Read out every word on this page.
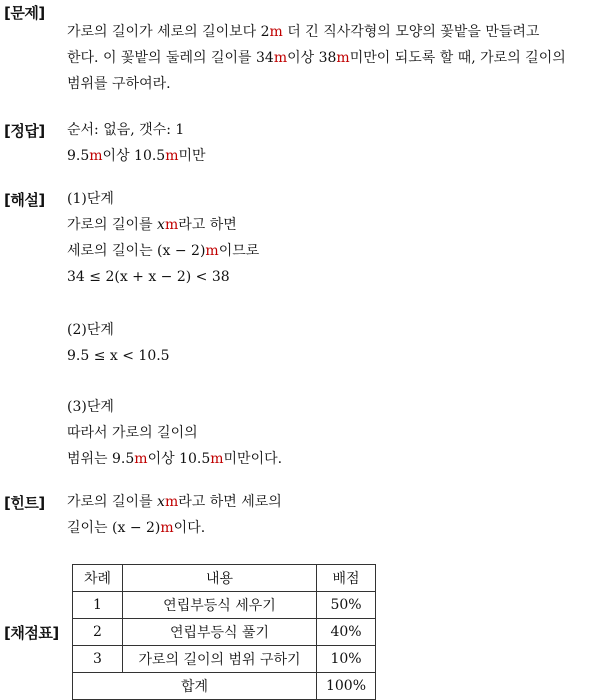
[문제]
가로의 길이가 세로의 길이보다 2m 더 긴 직사각형의 모양의 꽃밭을 만들려고
한다. 이 꽃밭의 둘레의 길이를 34m이상 38m미만이 되도록 할 때, 가로의 길이의
범위를 구하여라.
[정답] 순서: 없음, 갯수: 1
9.5m이상 10.5m미만
[해설] (1)단계
가로의 길이를 xm라고 하면
세로의 길이는 (x − 2)m이므로
34 ≤ 2(x + x − 2) < 38
(2)단계
9.5 ≤ x < 10.5
(3)단계
따라서 가로의 길이의
범위는 9.5m이상 10.5m미만이다.
[힌트] 가로의 길이를 xm라고 하면 세로의
길이는 (x − 2)m이다.
[채점표]
차례	내용	배점
1	연립부등식 세우기	50%
2	연립부등식 풀기	40%
3	가로의 길이의 범위 구하기	10%
합계		100%
